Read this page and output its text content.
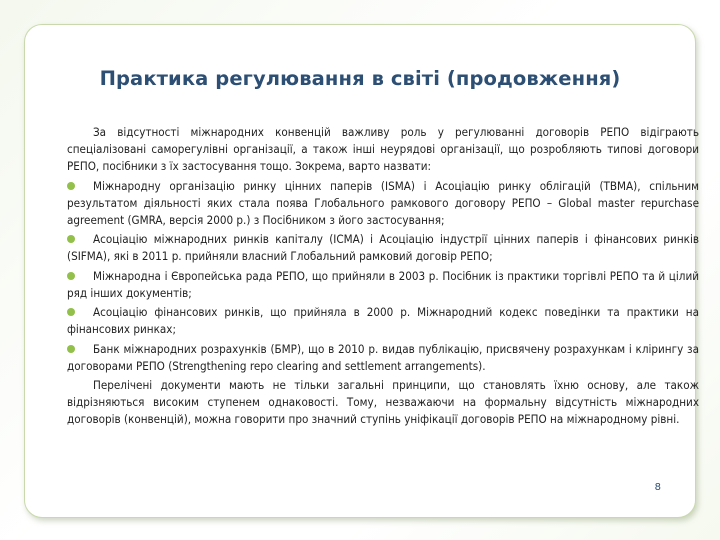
Практика регулювання в світі (продовження)

За відсутності міжнародних конвенцій важливу роль у регулюванні договорів РЕПО відіграють спеціалізовані саморегулівні організації, а також інші неурядові організації, що розробляють типові договори РЕПО, посібники з їх застосування тощо. Зокрема, варто назвати:

Міжнародну організацію ринку цінних паперів (ISMA) і Асоціацію ринку облігацій (TBMA), спільним результатом діяльності яких стала поява Глобального рамкового договору РЕПО – Global master repurchase agreement (GMRA, версія 2000 р.) з Посібником з його застосування;
Асоціацію міжнародних ринків капіталу (ICMA) і Асоціацію індустрії цінних паперів і фінансових ринків (SIFMA), які в 2011 р. прийняли власний Глобальний рамковий договір РЕПО;
Міжнародна і Європейська рада РЕПО, що прийняли в 2003 р. Посібник із практики торгівлі РЕПО та й цілий ряд інших документів;
Асоціацію фінансових ринків, що прийняла в 2000 р. Міжнародний кодекс поведінки та практики на фінансових ринках;
Банк міжнародних розрахунків (БМР), що в 2010 р. видав публікацію, присвячену розрахункам і клірингу за договорами РЕПО (Strengthening repo clearing and settlement arrangements).

Перелічені документи мають не тільки загальні принципи, що становлять їхню основу, але також відрізняються високим ступенем однаковості. Тому, незважаючи на формальну відсутність міжнародних договорів (конвенцій), можна говорити про значний ступінь уніфікації договорів РЕПО на міжнародному рівні.

8
